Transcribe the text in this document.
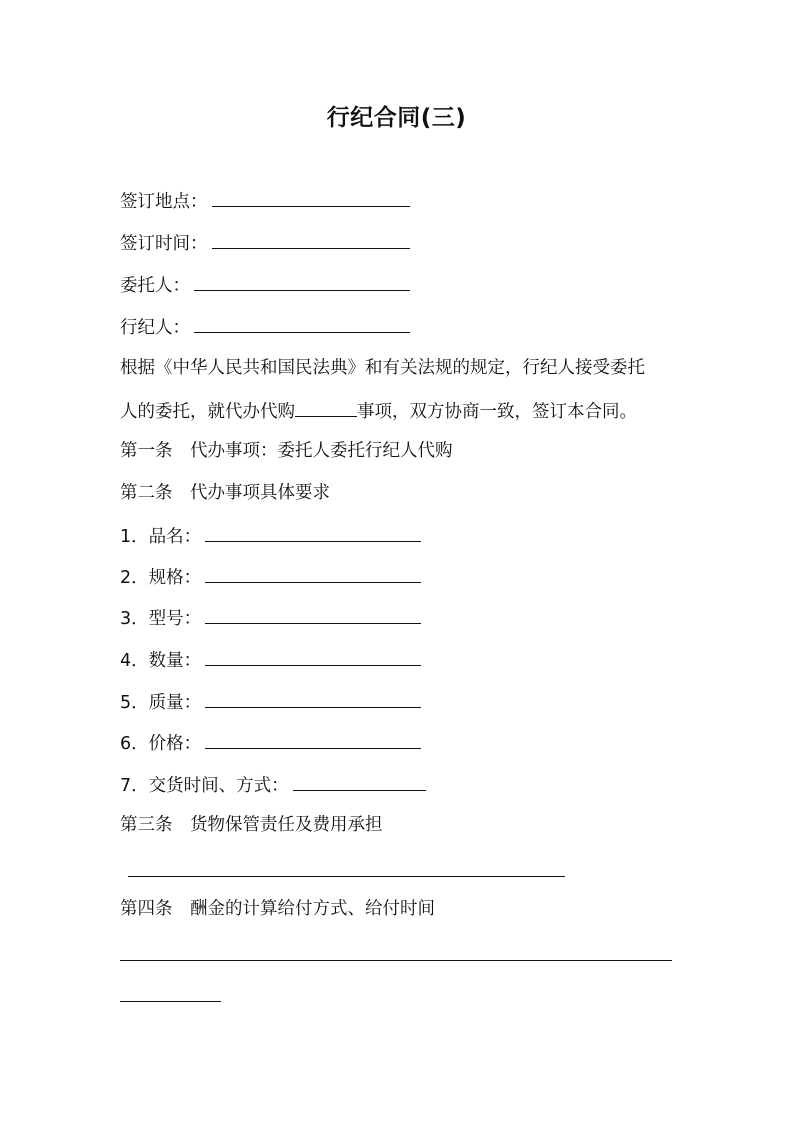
行纪合同(三)
签订地点：
签订时间：
委托人：
行纪人：
根据《中华人民共和国民法典》和有关法规的规定，行纪人接受委托
人的委托，就代办代购	事项，双方协商一致，签订本合同。
第一条　代办事项：委托人委托行纪人代购
第二条　代办事项具体要求
1．品名：
2．规格：
3．型号：
4．数量：
5．质量：
6．价格：
7．交货时间、方式：
第三条　货物保管责任及费用承担
第四条　酬金的计算给付方式、给付时间
